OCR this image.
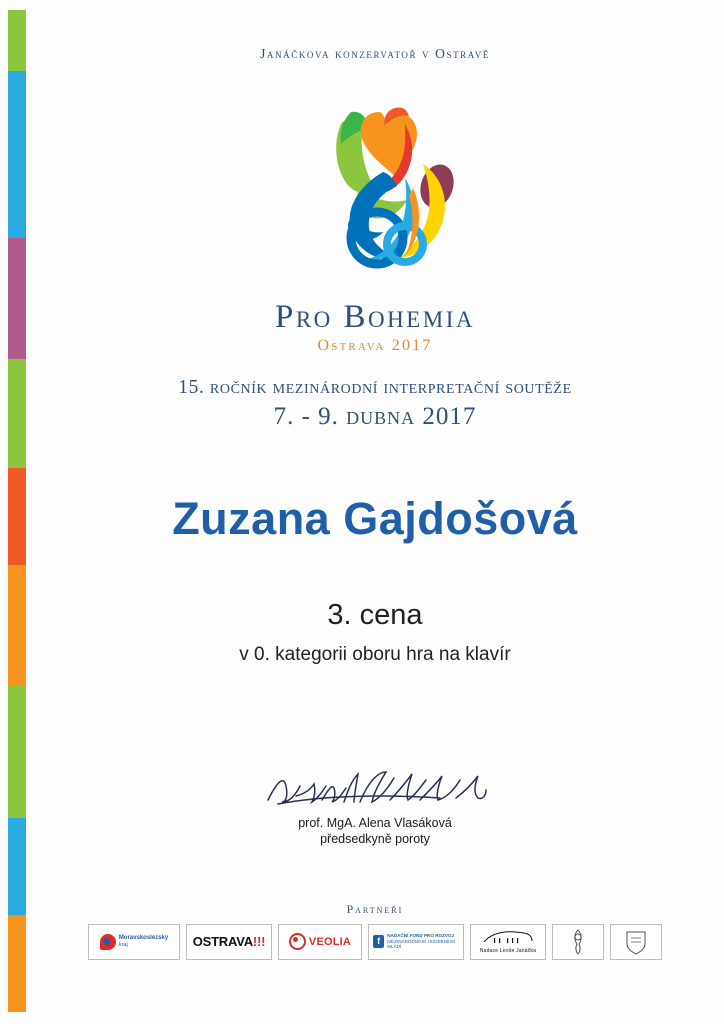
Janáčkova konzervatoř v Ostravě
Pro Bohemia
Ostrava 2017
15. ročník mezinárodní interpretační soutěže
7. - 9. dubna 2017
Zuzana Gajdošová
3. cena
v 0. kategorii oboru hra na klavír
prof. MgA. Alena Vlasáková
předsedkyně poroty
Partneři
Moravskoslezský
kraj	OSTRAVA!!!	VEOLIA	f
NADAČNÍ FOND PRO ROZVOJ
MEZINÁRODNÍHO HUDEBNÍHO MLÁDÍ
Nadace Leoše Janáčka
